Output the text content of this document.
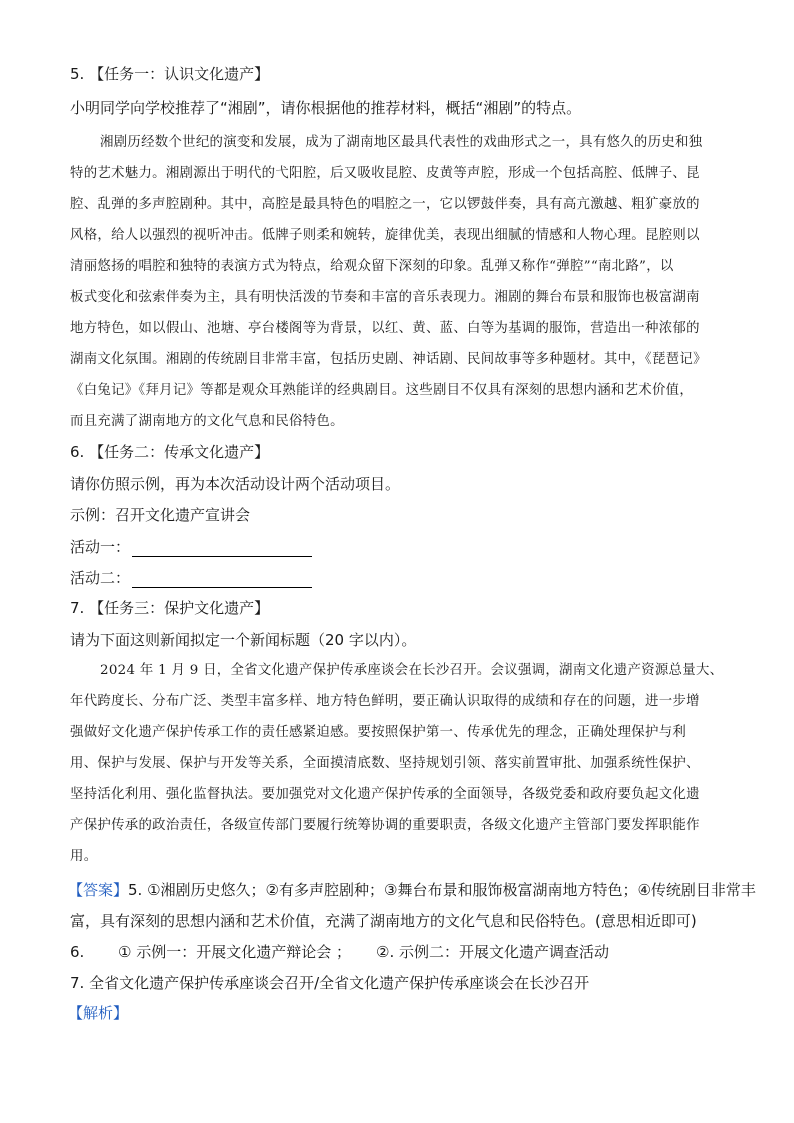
5. 【任务一：认识文化遗产】
小明同学向学校推荐了“湘剧”，请你根据他的推荐材料，概括“湘剧”的特点。
湘剧历经数个世纪的演变和发展，成为了湖南地区最具代表性的戏曲形式之一，具有悠久的历史和独
特的艺术魅力。湘剧源出于明代的弋阳腔，后又吸收昆腔、皮黄等声腔，形成一个包括高腔、低牌子、昆
腔、乱弹的多声腔剧种。其中，高腔是最具特色的唱腔之一，它以锣鼓伴奏，具有高亢激越、粗犷豪放的
风格，给人以强烈的视听冲击。低牌子则柔和婉转，旋律优美，表现出细腻的情感和人物心理。昆腔则以
清丽悠扬的唱腔和独特的表演方式为特点，给观众留下深刻的印象。乱弹又称作“弹腔”“南北路”，以
板式变化和弦索伴奏为主，具有明快活泼的节奏和丰富的音乐表现力。湘剧的舞台布景和服饰也极富湖南
地方特色，如以假山、池塘、亭台楼阁等为背景，以红、黄、蓝、白等为基调的服饰，营造出一种浓郁的
湖南文化氛围。湘剧的传统剧目非常丰富，包括历史剧、神话剧、民间故事等多种题材。其中，《琵琶记》
《白兔记》《拜月记》等都是观众耳熟能详的经典剧目。这些剧目不仅具有深刻的思想内涵和艺术价值，
而且充满了湖南地方的文化气息和民俗特色。
6. 【任务二：传承文化遗产】
请你仿照示例，再为本次活动设计两个活动项目。
示例：召开文化遗产宣讲会
活动一：
活动二：
7. 【任务三：保护文化遗产】
请为下面这则新闻拟定一个新闻标题（20 字以内）。
2024 年 1 月 9 日，全省文化遗产保护传承座谈会在长沙召开。会议强调，湖南文化遗产资源总量大、
年代跨度长、分布广泛、类型丰富多样、地方特色鲜明，要正确认识取得的成绩和存在的问题，进一步增
强做好文化遗产保护传承工作的责任感紧迫感。要按照保护第一、传承优先的理念，正确处理保护与利
用、保护与发展、保护与开发等关系，全面摸清底数、坚持规划引领、落实前置审批、加强系统性保护、
坚持活化利用、强化监督执法。要加强党对文化遗产保护传承的全面领导，各级党委和政府要负起文化遗
产保护传承的政治责任，各级宣传部门要履行统筹协调的重要职责，各级文化遗产主管部门要发挥职能作
用。
【答案】5. ①湘剧历史悠久；②有多声腔剧种；③舞台布景和服饰极富湖南地方特色；④传统剧目非常丰
富，具有深刻的思想内涵和艺术价值，充满了湖南地方的文化气息和民俗特色。(意思相近即可)
6. ① 示例一：开展文化遗产辩论会 ； ②. 示例二：开展文化遗产调查活动
7. 全省文化遗产保护传承座谈会召开/全省文化遗产保护传承座谈会在长沙召开
【解析】
